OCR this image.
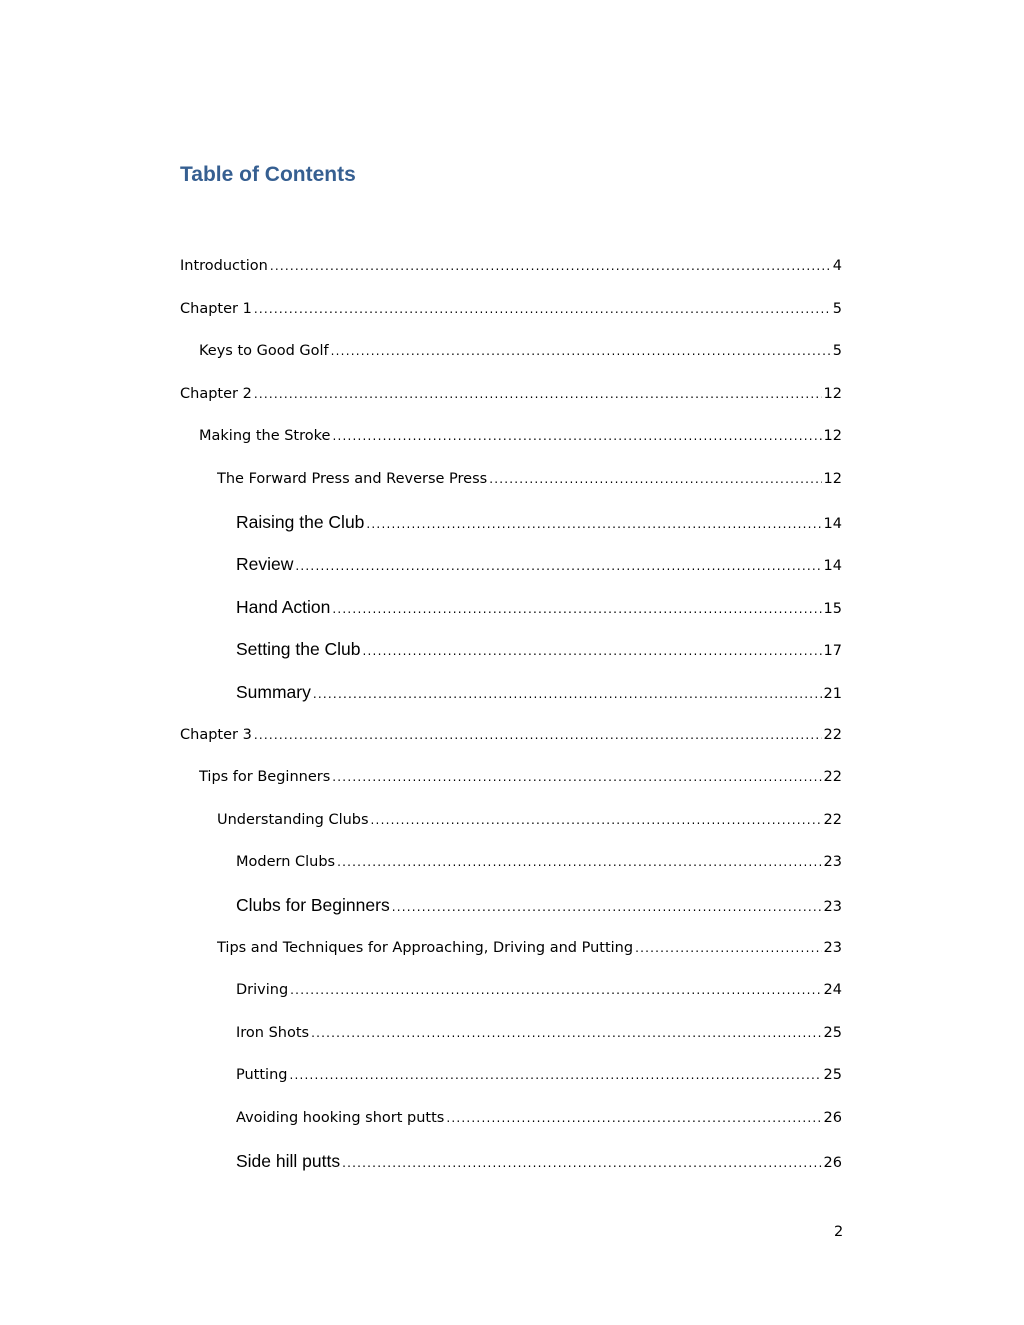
Table of Contents
Introduction .....	4
Chapter 1 .....	5
Keys to Good Golf .....	5
Chapter 2 .....	12
Making the Stroke .....	12
The Forward Press and Reverse Press .....	12
Raising the Club .....	14
Review .....	14
Hand Action .....	15
Setting the Club .....	17
Summary .....	21
Chapter 3 .....	22
Tips for Beginners .....	22
Understanding Clubs .....	22
Modern Clubs .....	23
Clubs for Beginners .....	23
Tips and Techniques for Approaching, Driving and Putting .....	23
Driving .....	24
Iron Shots .....	25
Putting .....	25
Avoiding hooking short putts .....	26
Side hill putts .....	26
2
